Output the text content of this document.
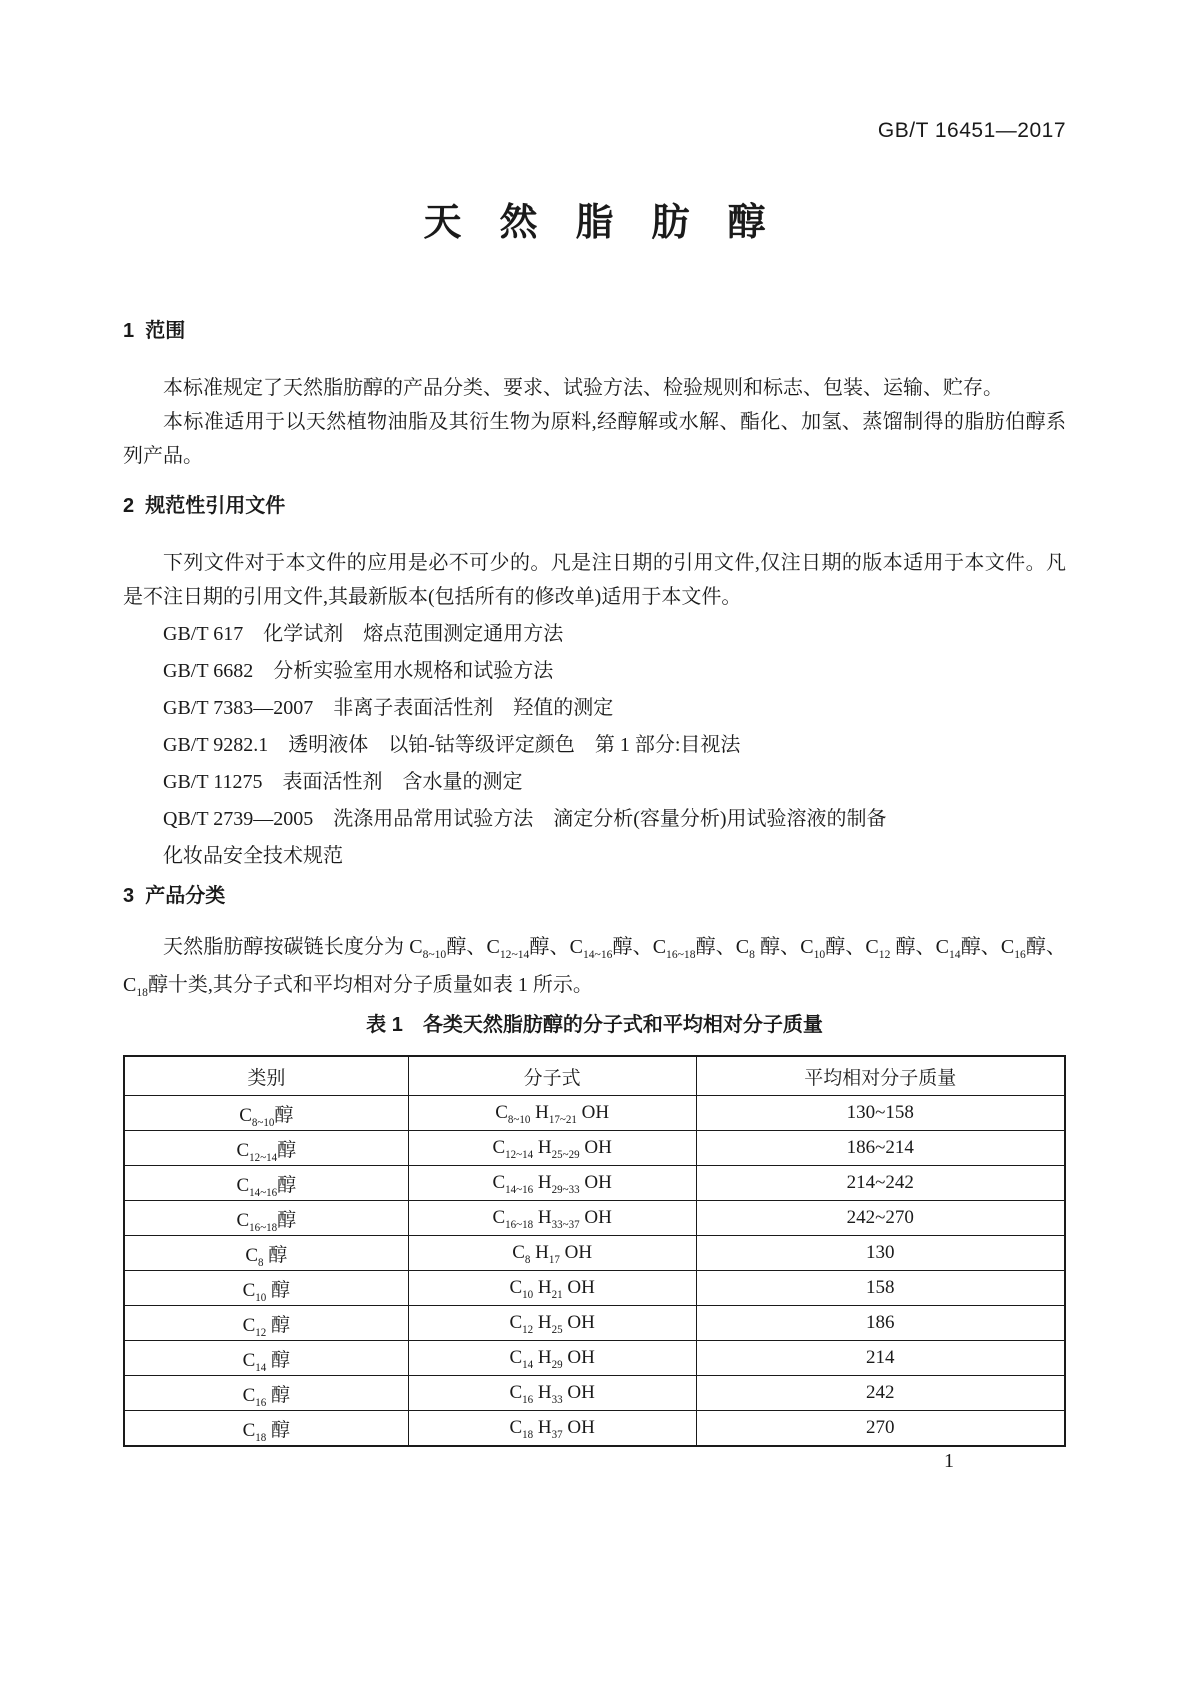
GB/T 16451—2017
天　然　脂　肪　醇
1  范围

本标准规定了天然脂肪醇的产品分类、要求、试验方法、检验规则和标志、包装、运输、贮存。

本标准适用于以天然植物油脂及其衍生物为原料,经醇解或水解、酯化、加氢、蒸馏制得的脂肪伯醇系列产品。

2  规范性引用文件

下列文件对于本文件的应用是必不可少的。凡是注日期的引用文件,仅注日期的版本适用于本文件。凡是不注日期的引用文件,其最新版本(包括所有的修改单)适用于本文件。

GB/T 617　化学试剂　熔点范围测定通用方法
GB/T 6682　分析实验室用水规格和试验方法
GB/T 7383—2007　非离子表面活性剂　羟值的测定
GB/T 9282.1　透明液体　以铂-钴等级评定颜色　第 1 部分:目视法
GB/T 11275　表面活性剂　含水量的测定
QB/T 2739—2005　洗涤用品常用试验方法　滴定分析(容量分析)用试验溶液的制备
化妆品安全技术规范
3  产品分类

天然脂肪醇按碳链长度分为 $C_{8\sim 10}$醇、$C_{12\sim 14}$醇、$C_{14\sim 16}$醇、$C_{16\sim 18}$醇、$C_8$ 醇、$C_{10}$醇、$C_{12}$ 醇、$C_{14}$醇、$C_{16}$醇、$C_{18}$醇十类,其分子式和平均相对分子质量如表 1 所示。

表 1　各类天然脂肪醇的分子式和平均相对分子质量
类别	分子式	平均相对分子质量
$C_{8\sim 10}$醇	$C_{8\sim 10}$ $H_{17\sim 21}$ OH	130~158
$C_{12\sim 14}$醇	$C_{12\sim 14}$ $H_{25\sim 29}$ OH	186~214
$C_{14\sim 16}$醇	$C_{14\sim 16}$ $H_{29\sim 33}$ OH	214~242
$C_{16\sim 18}$醇	$C_{16\sim 18}$ $H_{33\sim 37}$ OH	242~270
$C_8$ 醇	$C_8$ $H_{17}$ OH	130
$C_{10}$ 醇	$C_{10}$ $H_{21}$ OH	158
$C_{12}$ 醇	$C_{12}$ $H_{25}$ OH	186
$C_{14}$ 醇	$C_{14}$ $H_{29}$ OH	214
$C_{16}$ 醇	$C_{16}$ $H_{33}$ OH	242
$C_{18}$ 醇	$C_{18}$ $H_{37}$ OH	270
1
